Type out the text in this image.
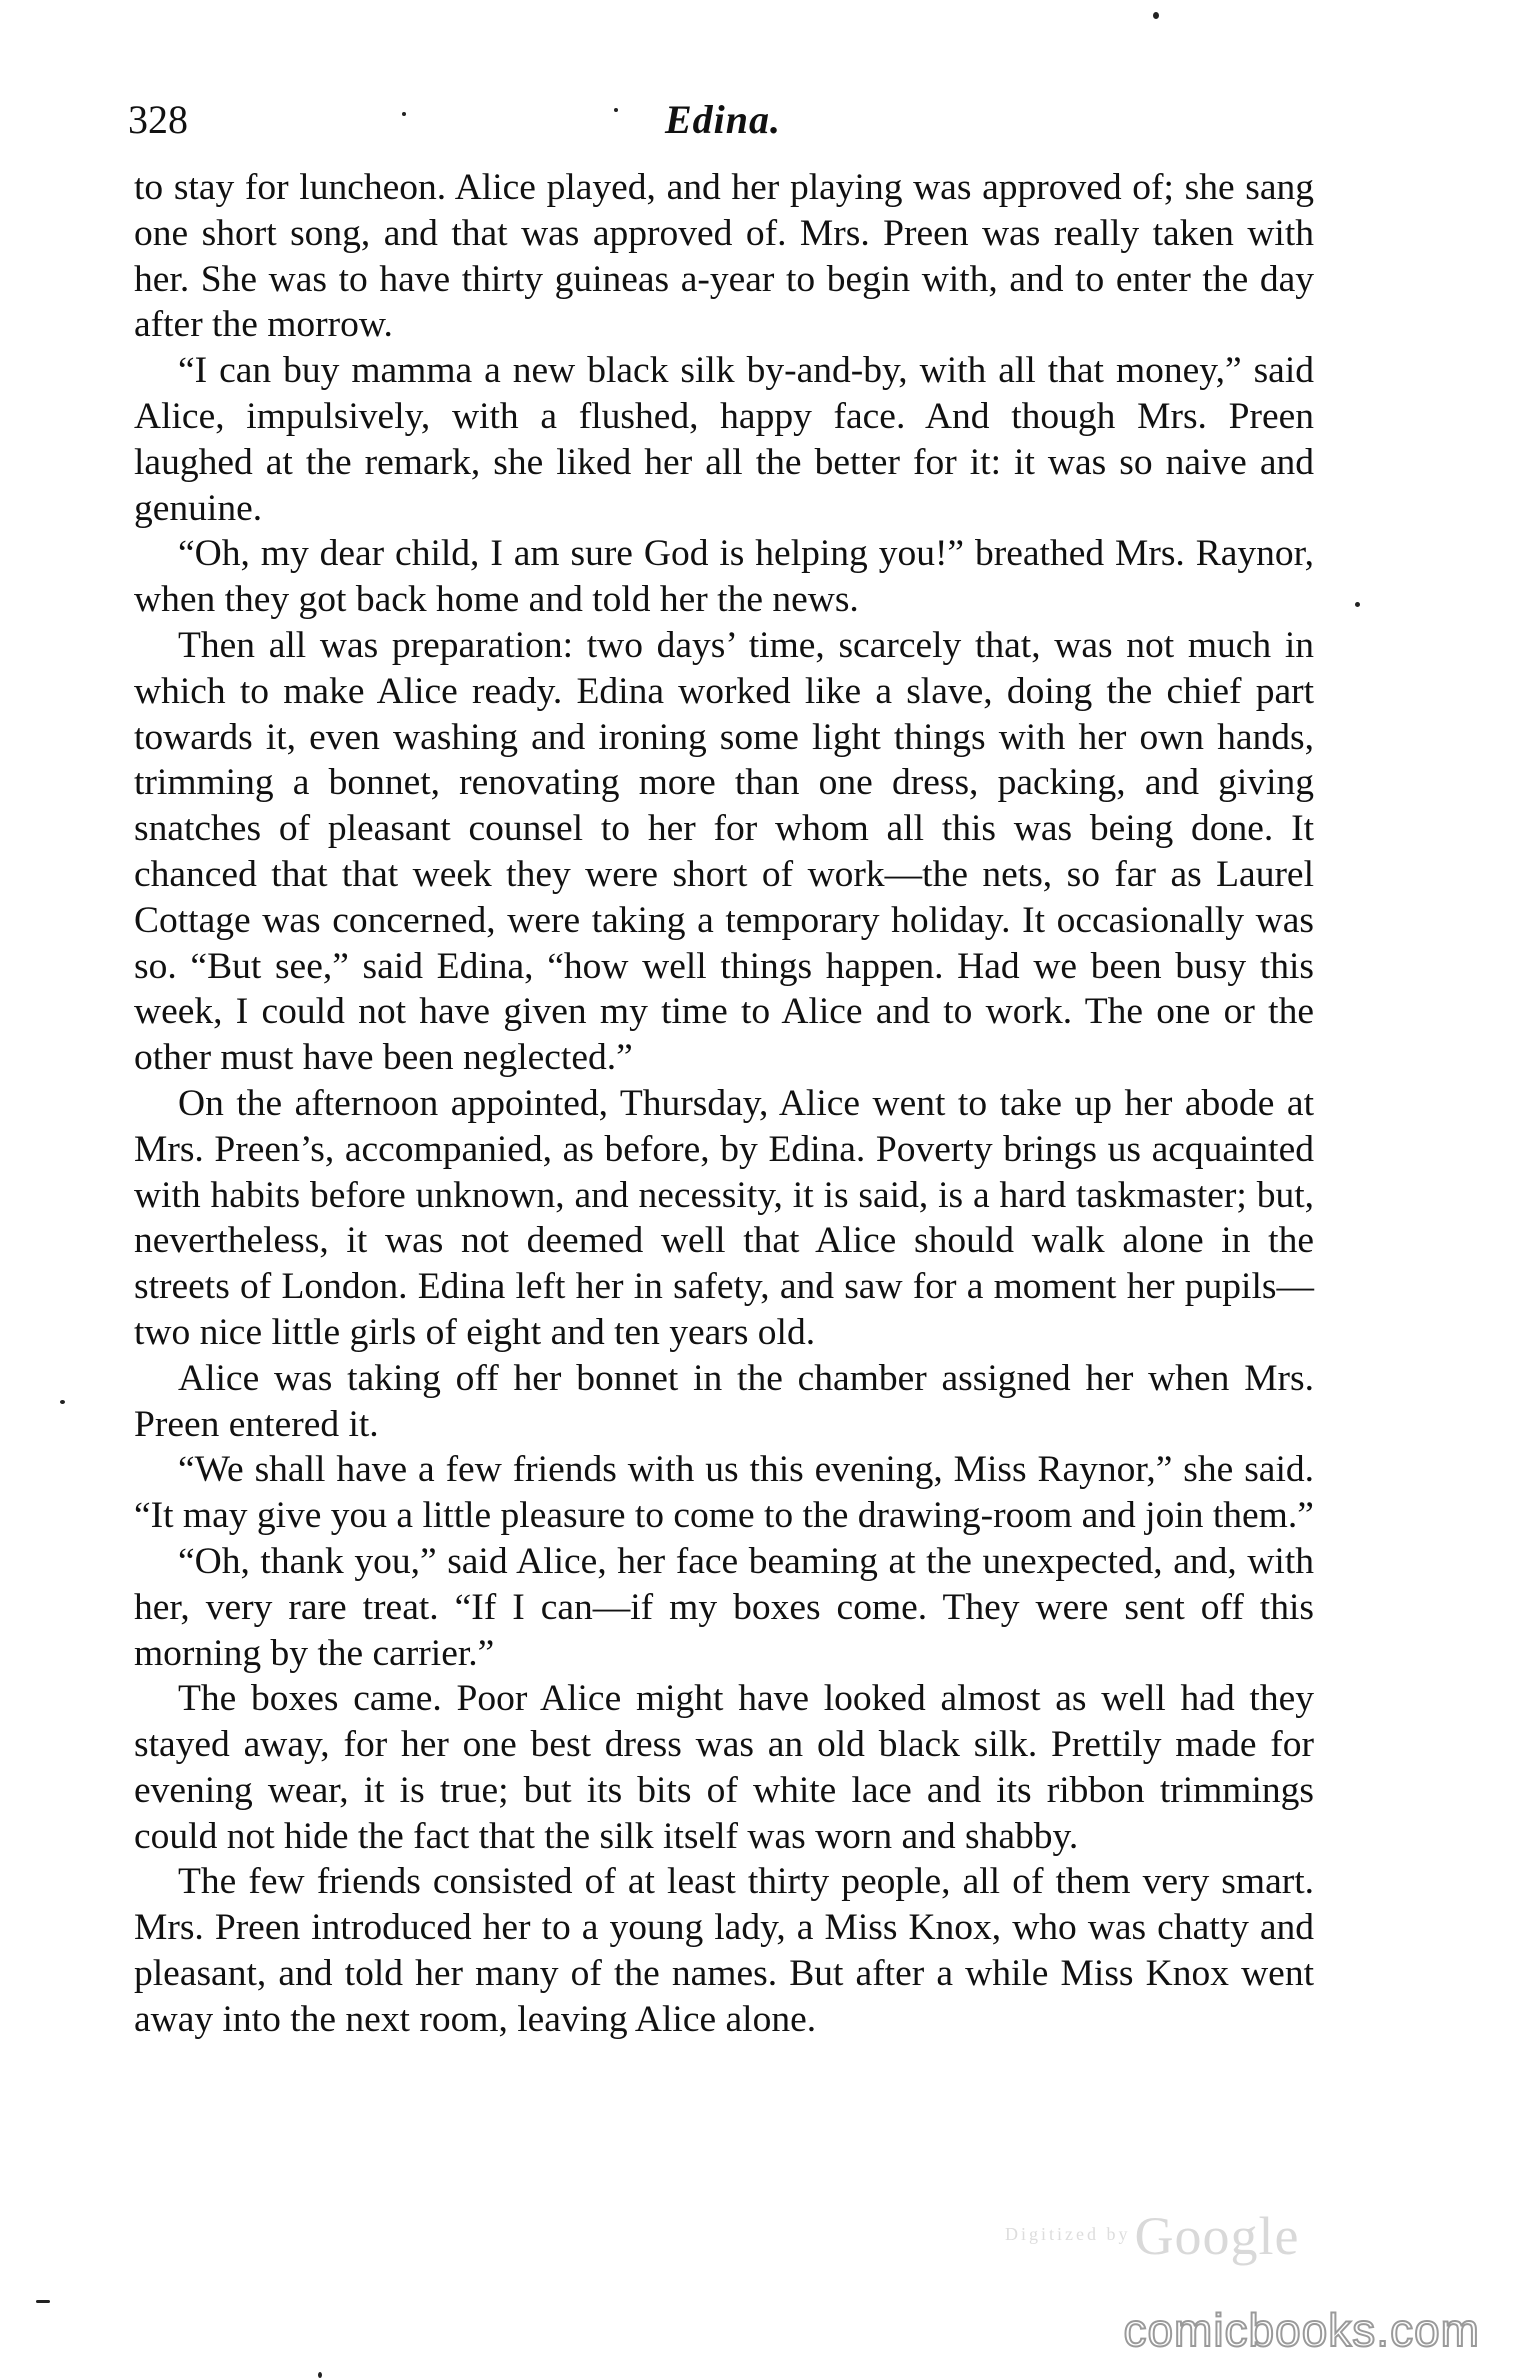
328	Edina.

to stay for luncheon. Alice played, and her playing was approved of; she sang one short song, and that was approved of. Mrs. Preen was really taken with her. She was to have thirty guineas a-year to begin with, and to enter the day after the morrow.

“I can buy mamma a new black silk by-and-by, with all that money,” said Alice, impulsively, with a flushed, happy face. And though Mrs. Preen laughed at the remark, she liked her all the better for it: it was so naive and genuine.

“Oh, my dear child, I am sure God is helping you!” breathed Mrs. Raynor, when they got back home and told her the news.

Then all was preparation: two days’ time, scarcely that, was not much in which to make Alice ready. Edina worked like a slave, doing the chief part towards it, even washing and ironing some light things with her own hands, trimming a bonnet, renovating more than one dress, packing, and giving snatches of pleasant counsel to her for whom all this was being done. It chanced that that week they were short of work—the nets, so far as Laurel Cottage was concerned, were taking a temporary holiday. It occasionally was so. “But see,” said Edina, “how well things happen. Had we been busy this week, I could not have given my time to Alice and to work. The one or the other must have been neglected.”

On the afternoon appointed, Thursday, Alice went to take up her abode at Mrs. Preen’s, accompanied, as before, by Edina. Poverty brings us acquainted with habits before unknown, and necessity, it is said, is a hard taskmaster; but, nevertheless, it was not deemed well that Alice should walk alone in the streets of London. Edina left her in safety, and saw for a moment her pupils—two nice little girls of eight and ten years old.

Alice was taking off her bonnet in the chamber assigned her when Mrs. Preen entered it.

“We shall have a few friends with us this evening, Miss Raynor,” she said. “It may give you a little pleasure to come to the drawing-room and join them.”

“Oh, thank you,” said Alice, her face beaming at the unexpected, and, with her, very rare treat. “If I can—if my boxes come. They were sent off this morning by the carrier.”

The boxes came. Poor Alice might have looked almost as well had they stayed away, for her one best dress was an old black silk. Prettily made for evening wear, it is true; but its bits of white lace and its ribbon trimmings could not hide the fact that the silk itself was worn and shabby.

The few friends consisted of at least thirty people, all of them very smart. Mrs. Preen introduced her to a young lady, a Miss Knox, who was chatty and pleasant, and told her many of the names. But after a while Miss Knox went away into the next room, leaving Alice alone.

$^{Digitized by}$Google
comicbooks.com
